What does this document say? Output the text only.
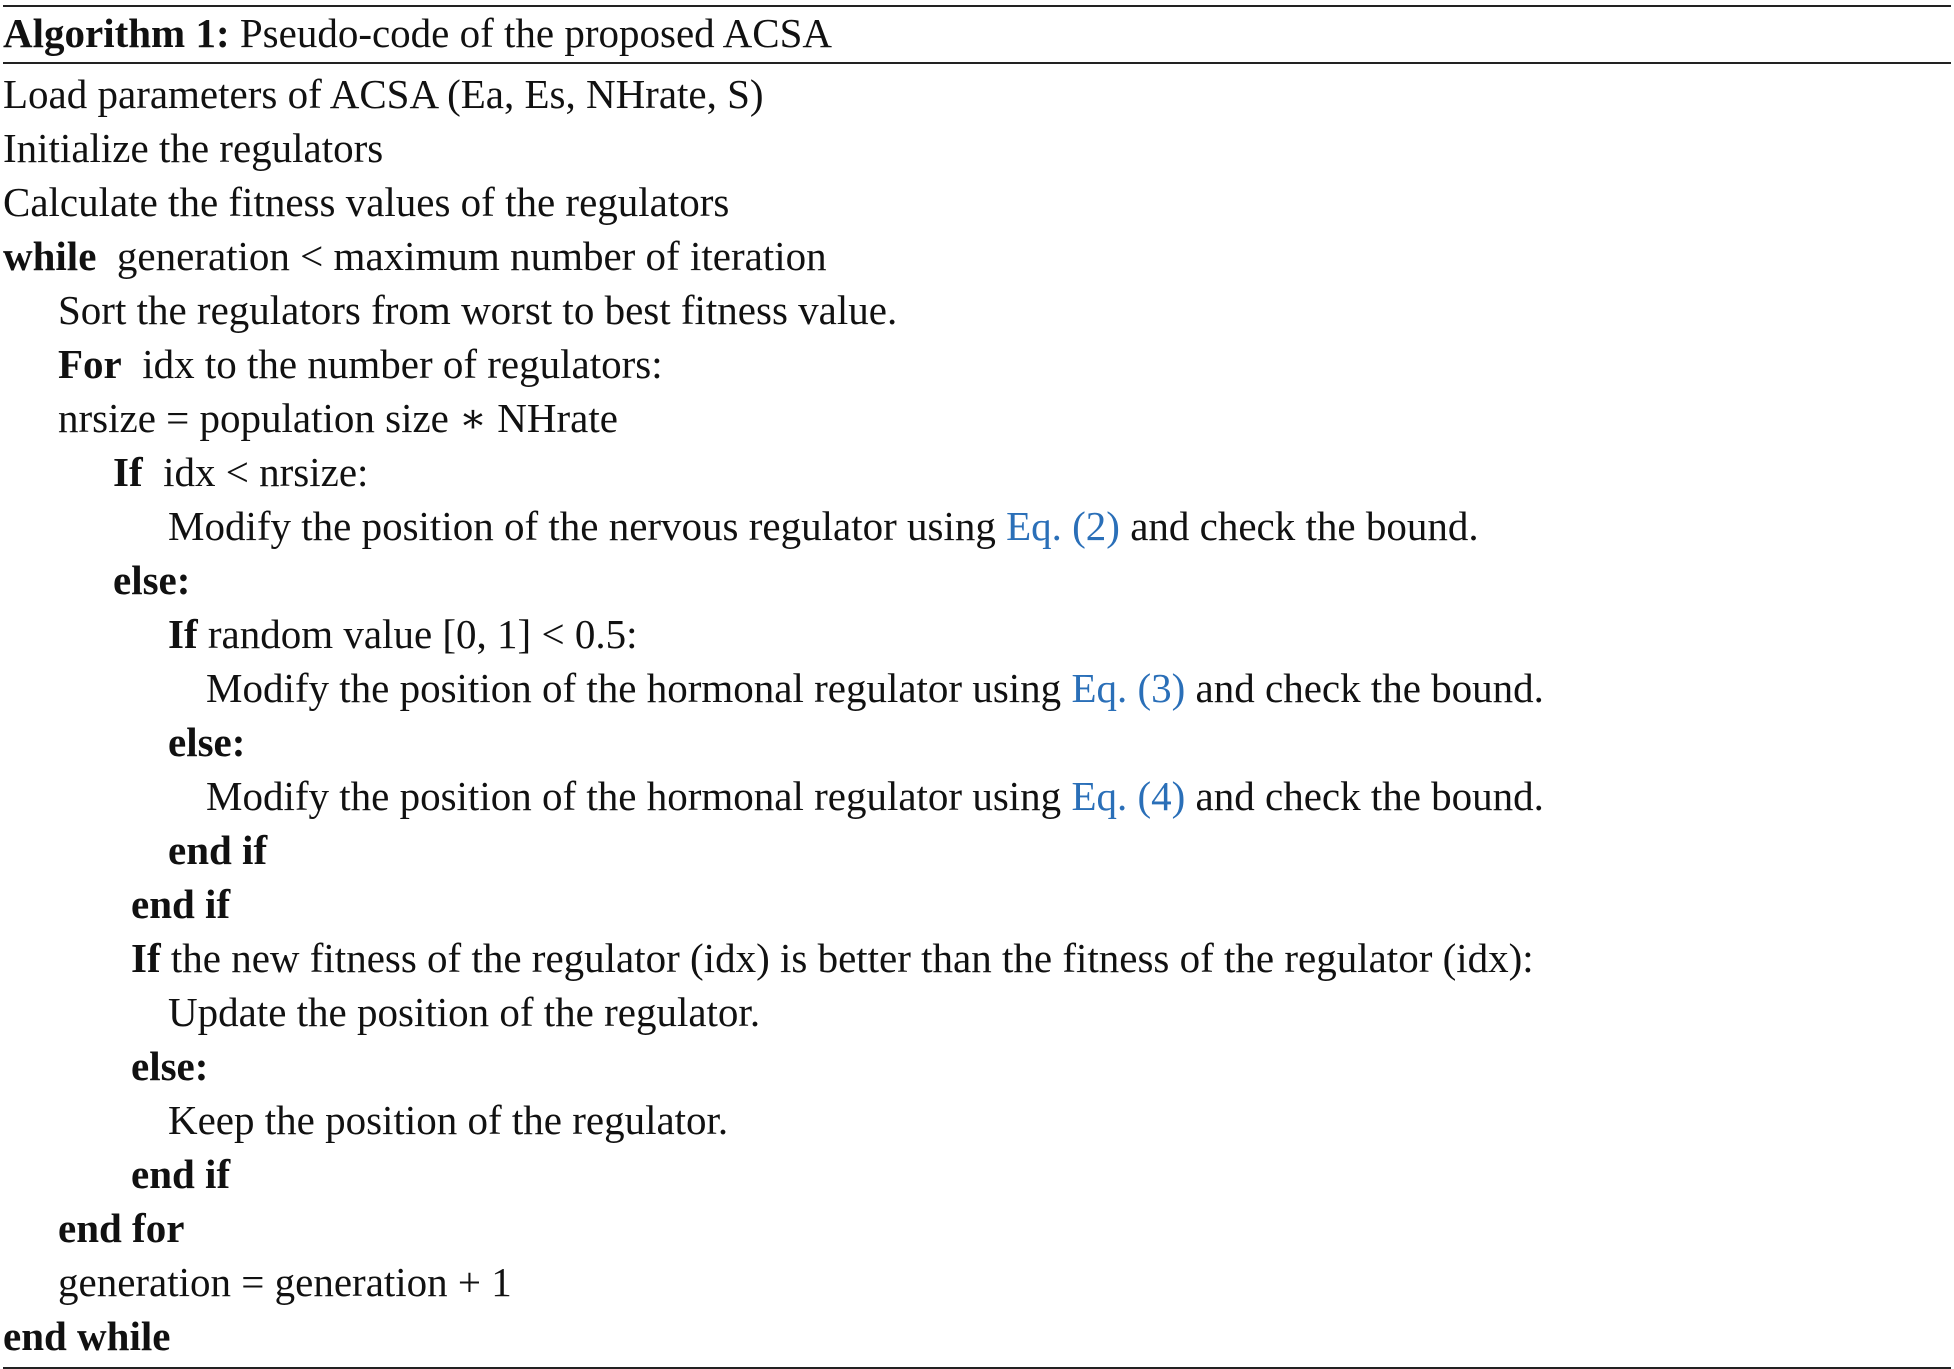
Algorithm 1: Pseudo-code of the proposed ACSA
Load parameters of ACSA (Ea, Es, NHrate, S)
Initialize the regulators
Calculate the fitness values of the regulators
while  generation < maximum number of iteration
Sort the regulators from worst to best fitness value.
For  idx to the number of regulators:
nrsize = population size ∗ NHrate
If  idx < nrsize:
Modify the position of the nervous regulator using Eq. (2) and check the bound.
else:
If random value [0, 1] < 0.5:
Modify the position of the hormonal regulator using Eq. (3) and check the bound.
else:
Modify the position of the hormonal regulator using Eq. (4) and check the bound.
end if
end if
If the new fitness of the regulator (idx) is better than the fitness of the regulator (idx):
Update the position of the regulator.
else:
Keep the position of the regulator.
end if
end for
generation = generation + 1
end while
